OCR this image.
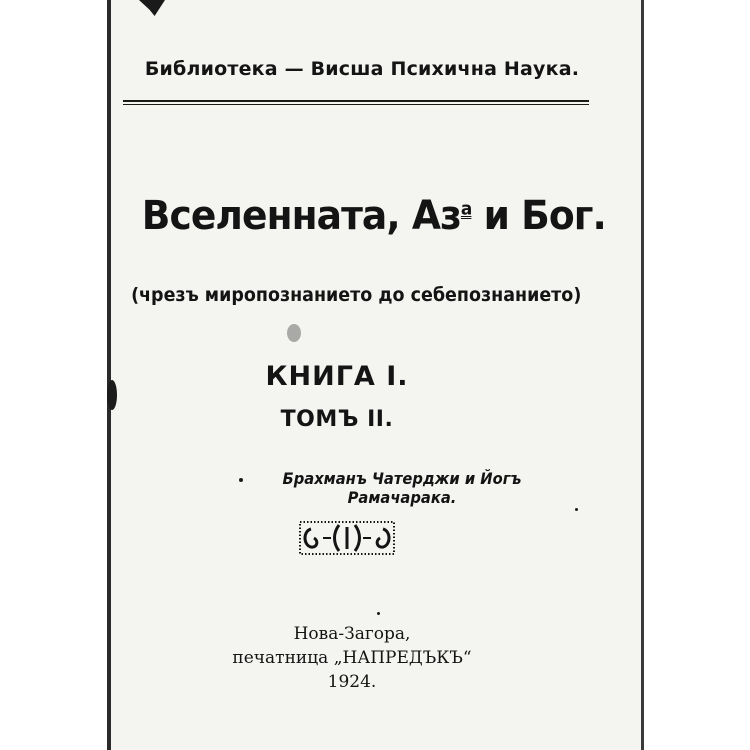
Библиотека — Висша Психична Наука.
Вселенната, $Аз^а$ и Бог.
(чрезъ миропознанието до себепознанието)
КНИГА I.
ТОМЪ II.
Брахманъ Чатерджи и Йогъ Рамачарака.
Нова-Загора,
печатница „НАПРЕДЪКЪ“
1924.
